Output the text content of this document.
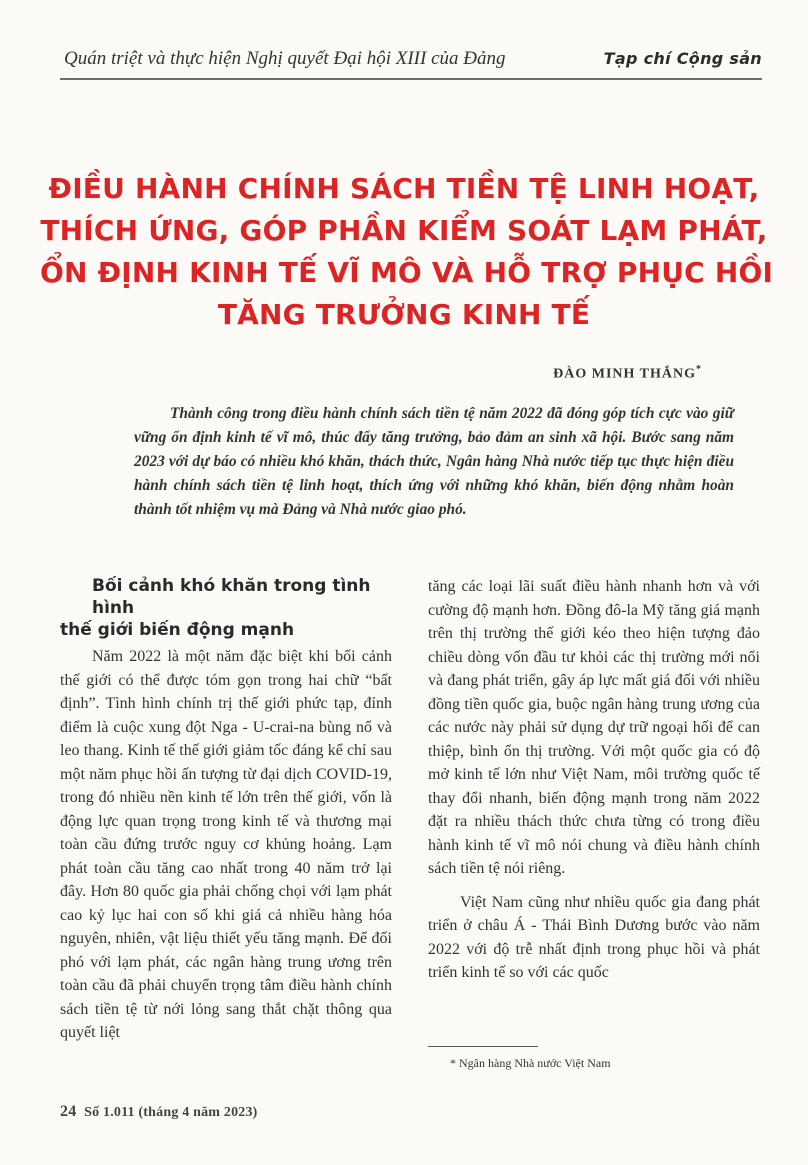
Quán triệt và thực hiện Nghị quyết Đại hội XIII của Đảng	Tạp chí Cộng sản
ĐIỀU HÀNH CHÍNH SÁCH TIỀN TỆ LINH HOẠT,
THÍCH ỨNG, GÓP PHẦN KIỂM SOÁT LẠM PHÁT,
ỔN ĐỊNH KINH TẾ VĨ MÔ VÀ HỖ TRỢ PHỤC HỒI
TĂNG TRƯỞNG KINH TẾ
ĐÀO MINH THẮNG*

Thành công trong điều hành chính sách tiền tệ năm 2022 đã đóng góp tích cực vào giữ vững ổn định kinh tế vĩ mô, thúc đẩy tăng trưởng, bảo đảm an sinh xã hội. Bước sang năm 2023 với dự báo có nhiều khó khăn, thách thức, Ngân hàng Nhà nước tiếp tục thực hiện điều hành chính sách tiền tệ linh hoạt, thích ứng với những khó khăn, biến động nhằm hoàn thành tốt nhiệm vụ mà Đảng và Nhà nước giao phó.

Bối cảnh khó khăn trong tình hình
thế giới biến động mạnh

Năm 2022 là một năm đặc biệt khi bối cảnh thế giới có thể được tóm gọn trong hai chữ “bất định”. Tình hình chính trị thế giới phức tạp, đỉnh điểm là cuộc xung đột Nga - U-crai-na bùng nổ và leo thang. Kinh tế thế giới giảm tốc đáng kể chỉ sau một năm phục hồi ấn tượng từ đại dịch COVID-19, trong đó nhiều nền kinh tế lớn trên thế giới, vốn là động lực quan trọng trong kinh tế và thương mại toàn cầu đứng trước nguy cơ khủng hoảng. Lạm phát toàn cầu tăng cao nhất trong 40 năm trở lại đây. Hơn 80 quốc gia phải chống chọi với lạm phát cao kỷ lục hai con số khi giá cả nhiều hàng hóa nguyên, nhiên, vật liệu thiết yếu tăng mạnh. Để đối phó với lạm phát, các ngân hàng trung ương trên toàn cầu đã phải chuyển trọng tâm điều hành chính sách tiền tệ từ nới lỏng sang thắt chặt thông qua quyết liệt

tăng các loại lãi suất điều hành nhanh hơn và với cường độ mạnh hơn. Đồng đô-la Mỹ tăng giá mạnh trên thị trường thế giới kéo theo hiện tượng đảo chiều dòng vốn đầu tư khỏi các thị trường mới nổi và đang phát triển, gây áp lực mất giá đối với nhiều đồng tiền quốc gia, buộc ngân hàng trung ương của các nước này phải sử dụng dự trữ ngoại hối để can thiệp, bình ổn thị trường. Với một quốc gia có độ mở kinh tế lớn như Việt Nam, môi trường quốc tế thay đổi nhanh, biến động mạnh trong năm 2022 đặt ra nhiều thách thức chưa từng có trong điều hành kinh tế vĩ mô nói chung và điều hành chính sách tiền tệ nói riêng.

Việt Nam cũng như nhiều quốc gia đang phát triển ở châu Á - Thái Bình Dương bước vào năm 2022 với độ trễ nhất định trong phục hồi và phát triển kinh tế so với các quốc

* Ngân hàng Nhà nước Việt Nam
24 Số 1.011 (tháng 4 năm 2023)
